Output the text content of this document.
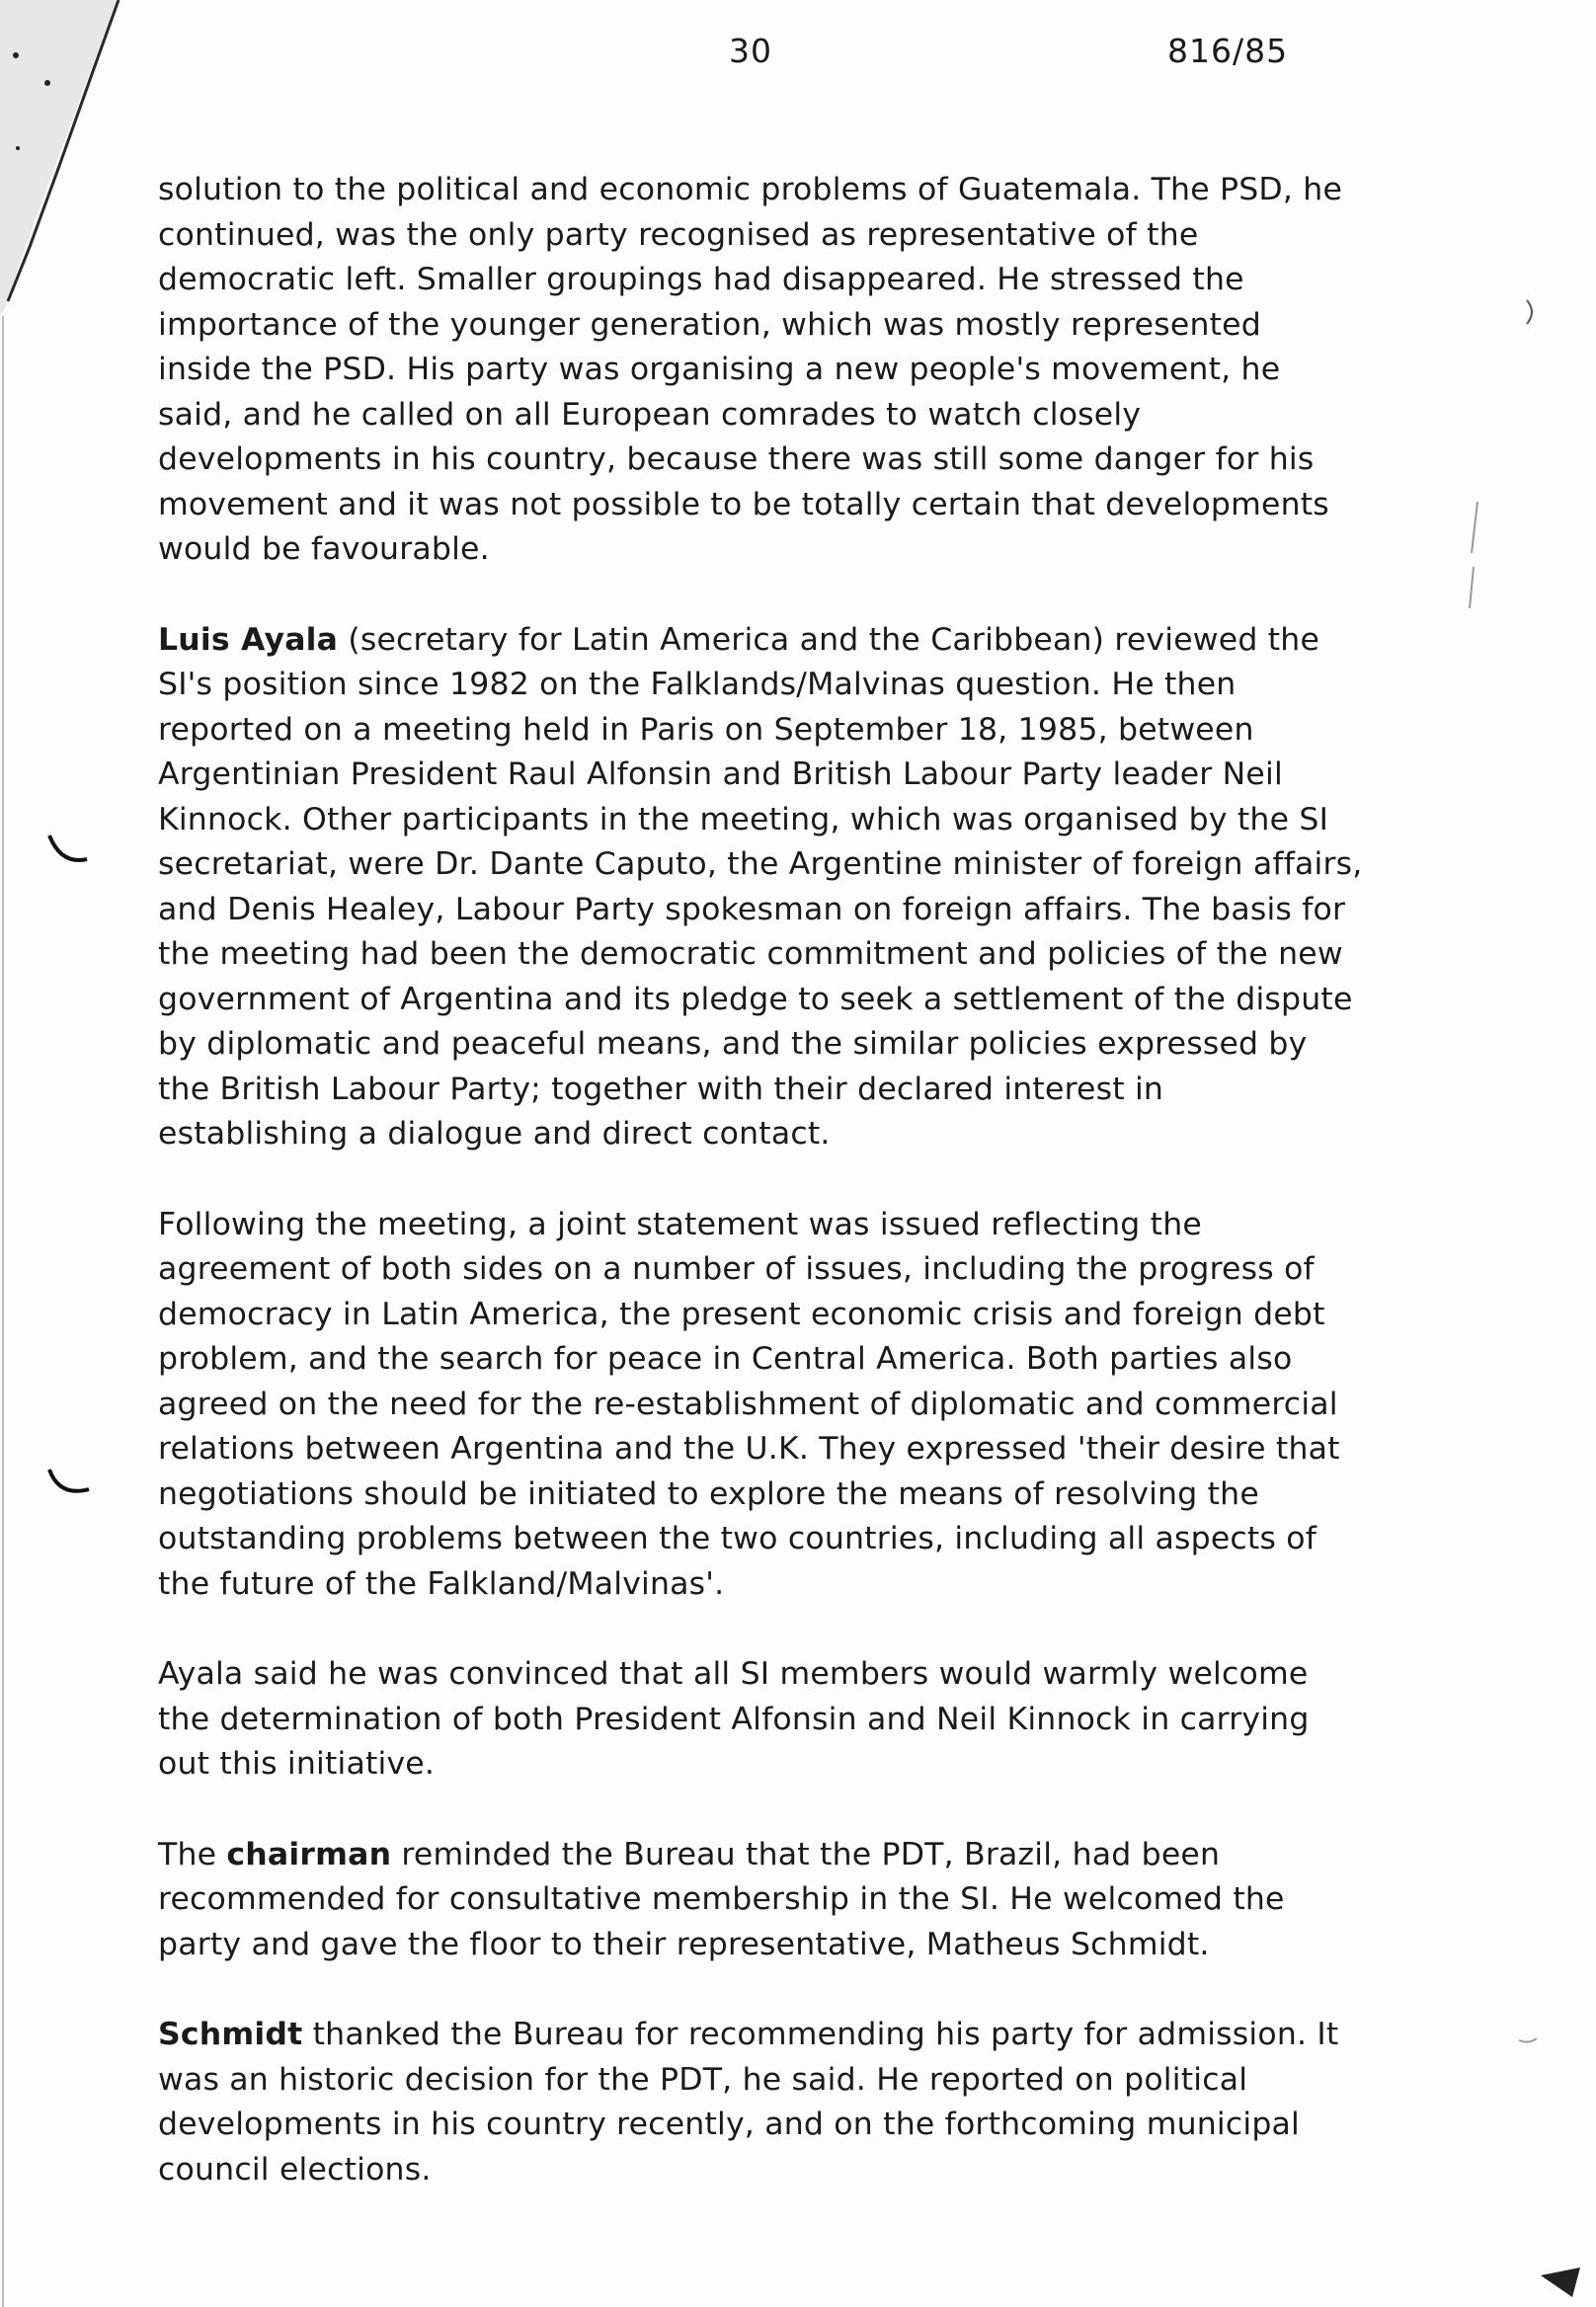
30	816/85

solution to the political and economic problems of Guatemala. The PSD, he continued, was the only party recognised as representative of the democratic left. Smaller groupings had disappeared. He stressed the importance of the younger generation, which was mostly represented inside the PSD. His party was organising a new people's movement, he said, and he called on all European comrades to watch closely developments in his country, because there was still some danger for his movement and it was not possible to be totally certain that developments would be favourable.

Luis Ayala (secretary for Latin America and the Caribbean) reviewed the SI's position since 1982 on the Falklands/Malvinas question. He then reported on a meeting held in Paris on September 18, 1985, between Argentinian President Raul Alfonsin and British Labour Party leader Neil Kinnock. Other participants in the meeting, which was organised by the SI secretariat, were Dr. Dante Caputo, the Argentine minister of foreign affairs, and Denis Healey, Labour Party spokesman on foreign affairs. The basis for the meeting had been the democratic commitment and policies of the new government of Argentina and its pledge to seek a settlement of the dispute by diplomatic and peaceful means, and the similar policies expressed by the British Labour Party; together with their declared interest in establishing a dialogue and direct contact.

Following the meeting, a joint statement was issued reflecting the agreement of both sides on a number of issues, including the progress of democracy in Latin America, the present economic crisis and foreign debt problem, and the search for peace in Central America. Both parties also agreed on the need for the re-establishment of diplomatic and commercial relations between Argentina and the U.K. They expressed 'their desire that negotiations should be initiated to explore the means of resolving the outstanding problems between the two countries, including all aspects of the future of the Falkland/Malvinas'.

Ayala said he was convinced that all SI members would warmly welcome the determination of both President Alfonsin and Neil Kinnock in carrying out this initiative.

The chairman reminded the Bureau that the PDT, Brazil, had been recommended for consultative membership in the SI. He welcomed the party and gave the floor to their representative, Matheus Schmidt.

Schmidt thanked the Bureau for recommending his party for admission. It was an historic decision for the PDT, he said. He reported on political developments in his country recently, and on the forthcoming municipal council elections.
